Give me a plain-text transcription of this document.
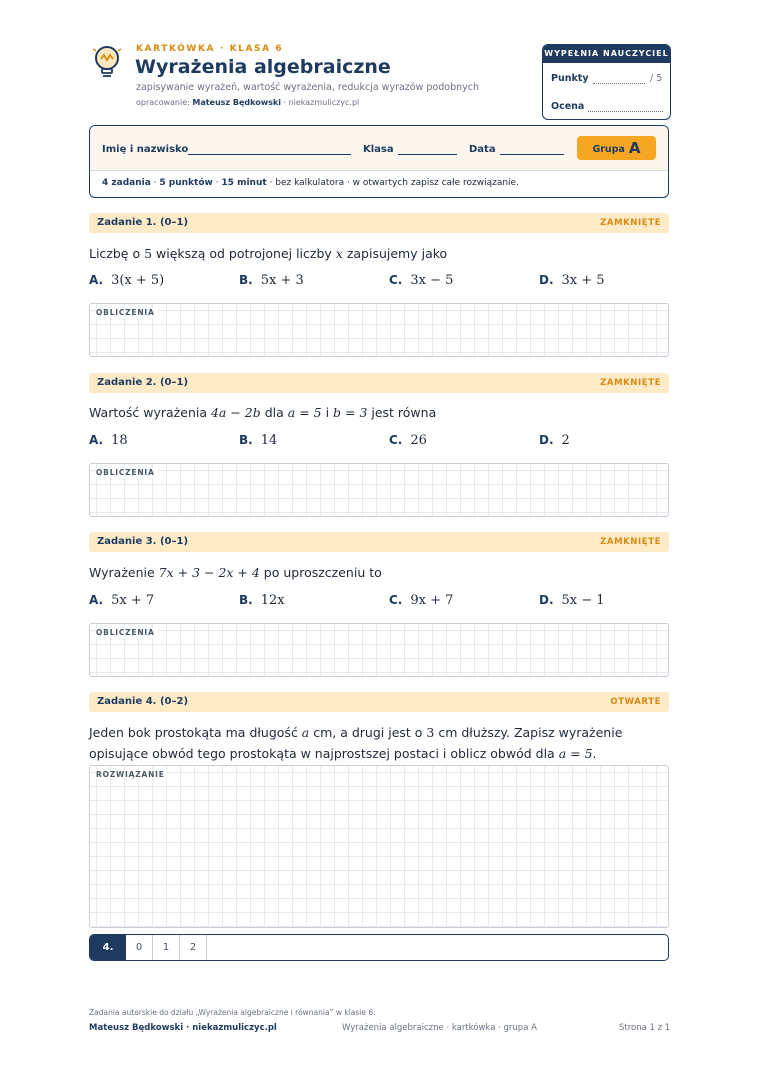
KARTKÓWKA · KLASA 6
Wyrażenia algebraiczne
zapisywanie wyrażeń, wartość wyrażenia, redukcja wyrazów podobnych
opracowanie: Mateusz Będkowski · niekazmuliczyc.pl
WYPEŁNIA NAUCZYCIEL
Punkty	/ 5
Ocena
Imię i nazwisko	Klasa	Data	Grupa A
4 zadania · 5 punktów · 15 minut · bez kalkulatora · w otwartych zapisz całe rozwiązanie.
Zadanie 1. (0–1)	ZAMKNIĘTE
Liczbę o 5 większą od potrojonej liczby x zapisujemy jako
A. 3(x + 5)	B. 5x + 3	C. 3x − 5	D. 3x + 5
OBLICZENIA
Zadanie 2. (0–1)	ZAMKNIĘTE
Wartość wyrażenia 4a − 2b dla a = 5 i b = 3 jest równa
A. 18	B. 14	C. 26	D. 2
OBLICZENIA
Zadanie 3. (0–1)	ZAMKNIĘTE
Wyrażenie 7x + 3 − 2x + 4 po uproszczeniu to
A. 5x + 7	B. 12x	C. 9x + 7	D. 5x − 1
OBLICZENIA
Zadanie 4. (0–2)	OTWARTE
Jeden bok prostokąta ma długość a cm, a drugi jest o 3 cm dłuższy. Zapisz wyrażenie
opisujące obwód tego prostokąta w najprostszej postaci i oblicz obwód dla a = 5.
ROZWIĄZANIE
4.	0	1	2
Zadania autorskie do działu „Wyrażenia algebraiczne i równania” w klasie 6.
Mateusz Będkowski · niekazmuliczyc.pl	Wyrażenia algebraiczne · kartkówka · grupa A	Strona 1 z 1
